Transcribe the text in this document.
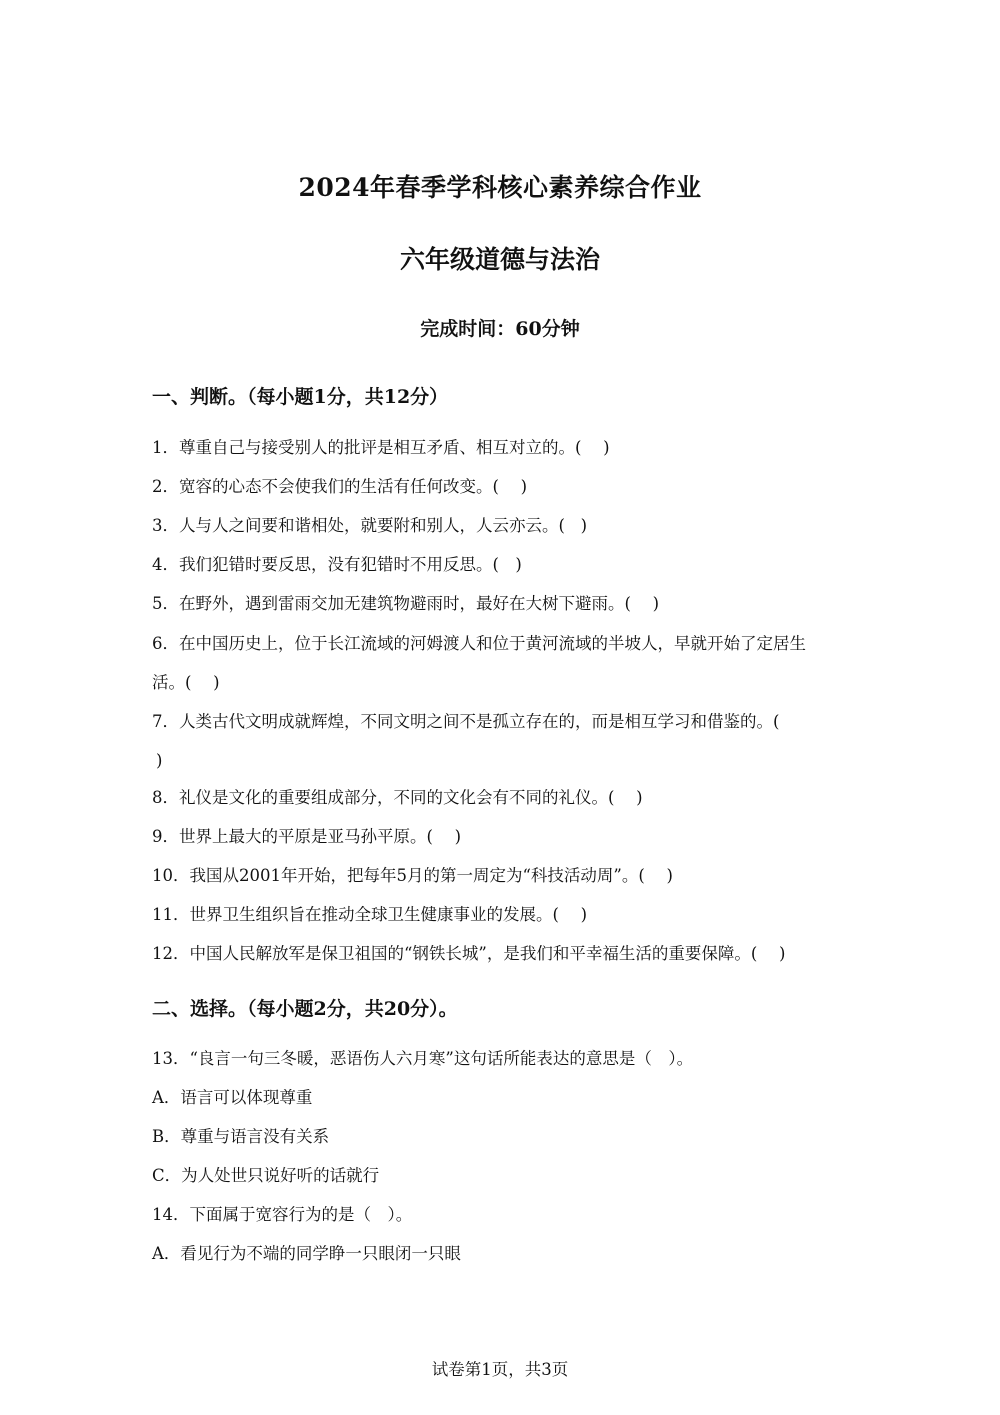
2024年春季学科核心素养综合作业
六年级道德与法治
完成时间：60分钟
一、判断。（每小题1分，共12分）
1．尊重自己与接受别人的批评是相互矛盾、相互对立的。(　 )
2．宽容的心态不会使我们的生活有任何改变。(　 )
3．人与人之间要和谐相处，就要附和别人，人云亦云。(   )
4．我们犯错时要反思，没有犯错时不用反思。(　)
5．在野外，遇到雷雨交加无建筑物避雨时，最好在大树下避雨。(　 )
6．在中国历史上，位于长江流域的河姆渡人和位于黄河流域的半坡人，早就开始了定居生
活。(　 )
7．人类古代文明成就辉煌，不同文明之间不是孤立存在的，而是相互学习和借鉴的。(
)
8．礼仪是文化的重要组成部分，不同的文化会有不同的礼仪。(　 )
9．世界上最大的平原是亚马孙平原。(　 )
10．我国从2001年开始，把每年5月的第一周定为“科技活动周”。(　 )
11．世界卫生组织旨在推动全球卫生健康事业的发展。(　 )
12．中国人民解放军是保卫祖国的“钢铁长城”，是我们和平幸福生活的重要保障。(　 )
二、选择。（每小题2分，共20分）。
13．“良言一句三冬暖，恶语伤人六月寒”这句话所能表达的意思是（　）。
A．语言可以体现尊重
B．尊重与语言没有关系
C．为人处世只说好听的话就行
14．下面属于宽容行为的是（　）。
A．看见行为不端的同学睁一只眼闭一只眼
试卷第1页，共3页
